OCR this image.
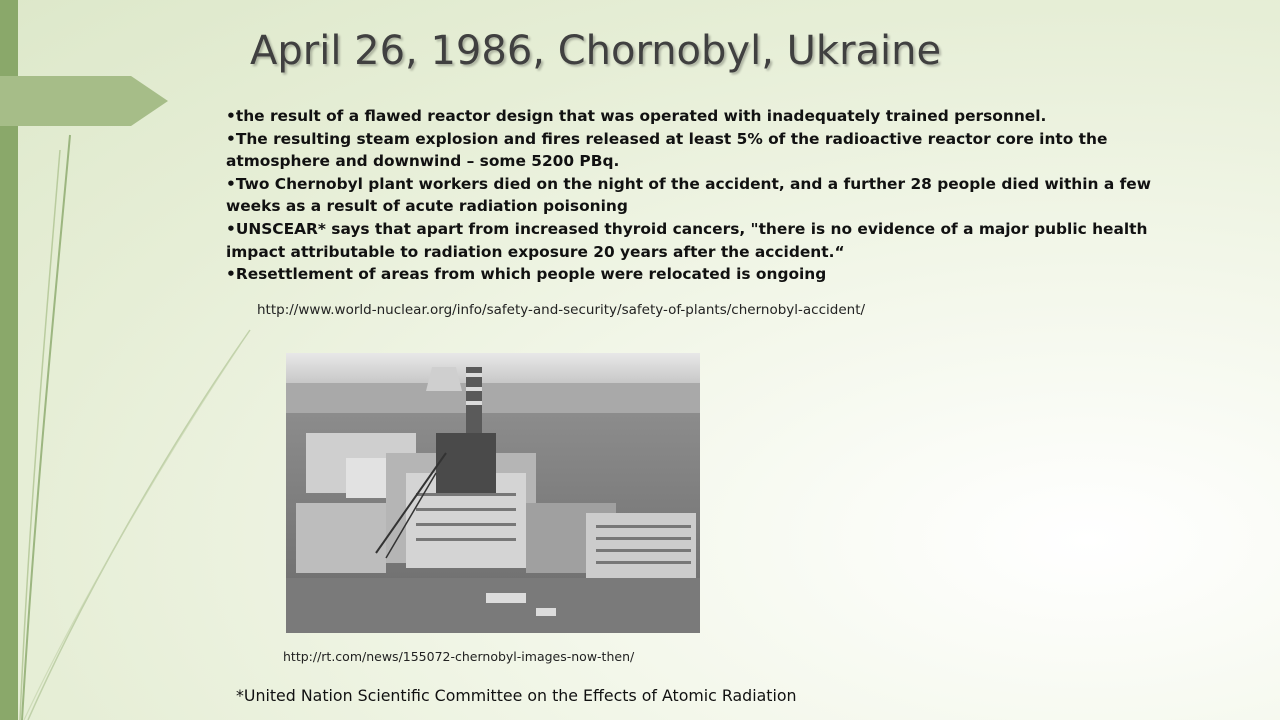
April 26, 1986, Chornobyl, Ukraine

•the result of a flawed reactor design that was operated with inadequately trained personnel.

•The resulting steam explosion and fires released at least 5% of the radioactive reactor core into the atmosphere and downwind – some 5200 PBq.

•Two Chernobyl plant workers died on the night of the accident, and a further 28 people died within a few weeks as a result of acute radiation poisoning

•UNSCEAR* says that apart from increased thyroid cancers, "there is no evidence of a major public health impact attributable to radiation exposure 20 years after the accident.“

•Resettlement of areas from which people were relocated is ongoing

http://www.world-nuclear.org/info/safety-and-security/safety-of-plants/chernobyl-accident/
http://rt.com/news/155072-chernobyl-images-now-then/
*United Nation Scientific Committee on the Effects of Atomic Radiation
